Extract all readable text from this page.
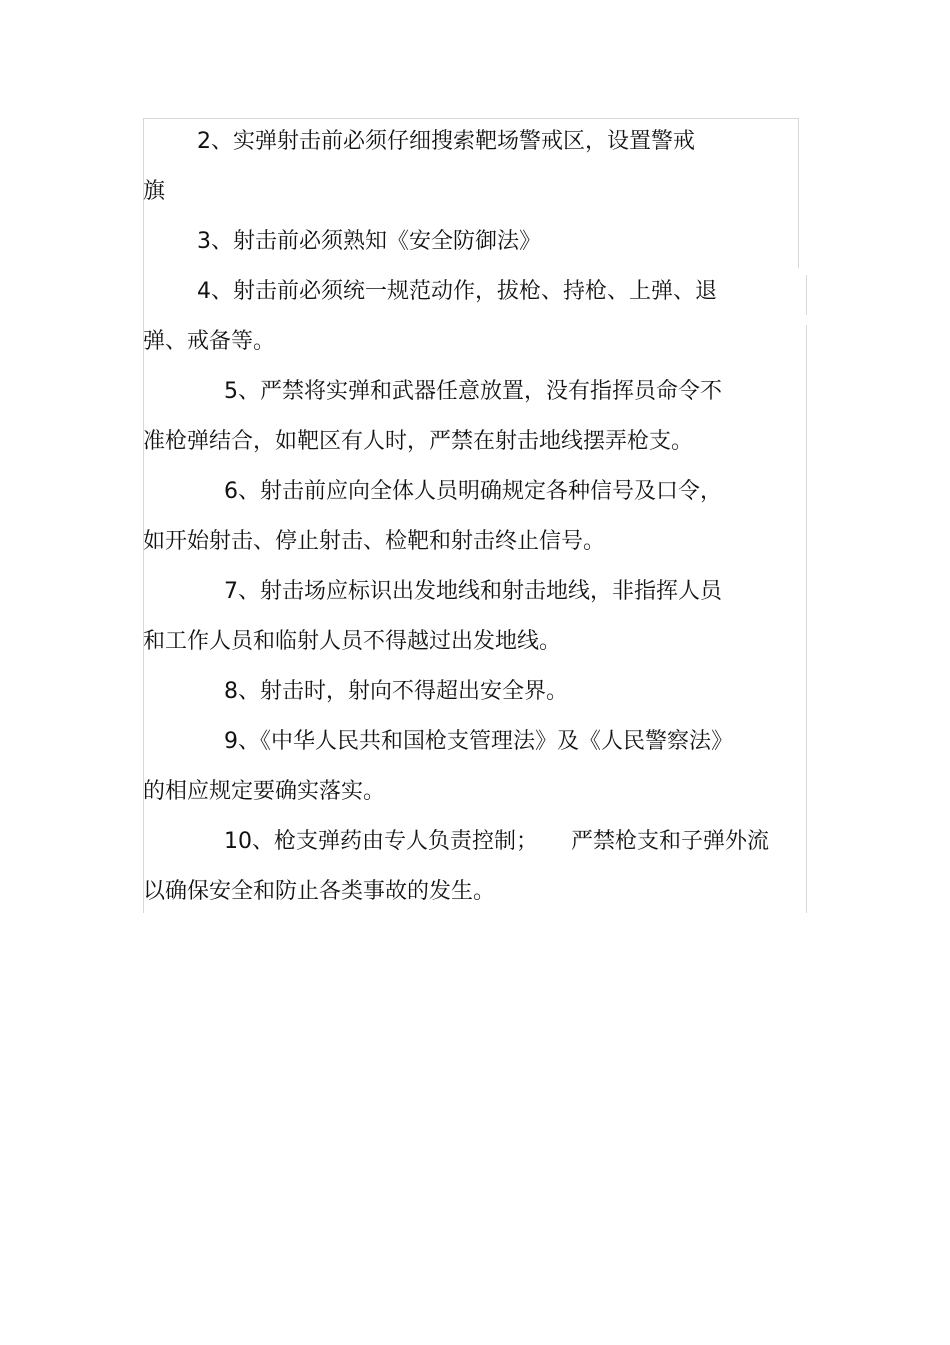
2、实弹射击前必须仔细搜索靶场警戒区，设置警戒
旗
3、射击前必须熟知《安全防御法》
4、射击前必须统一规范动作，拔枪、持枪、上弹、退
弹、戒备等。
5、严禁将实弹和武器任意放置，没有指挥员命令不
准枪弹结合，如靶区有人时，严禁在射击地线摆弄枪支。
6、射击前应向全体人员明确规定各种信号及口令，
如开始射击、停止射击、检靶和射击终止信号。
7、射击场应标识出发地线和射击地线，非指挥人员
和工作人员和临射人员不得越过出发地线。
8、射击时，射向不得超出安全界。
9、《中华人民共和国枪支管理法》及《人民警察法》
的相应规定要确实落实。
10、枪支弹药由专人负责控制；　　严禁枪支和子弹外流
以确保安全和防止各类事故的发生。
